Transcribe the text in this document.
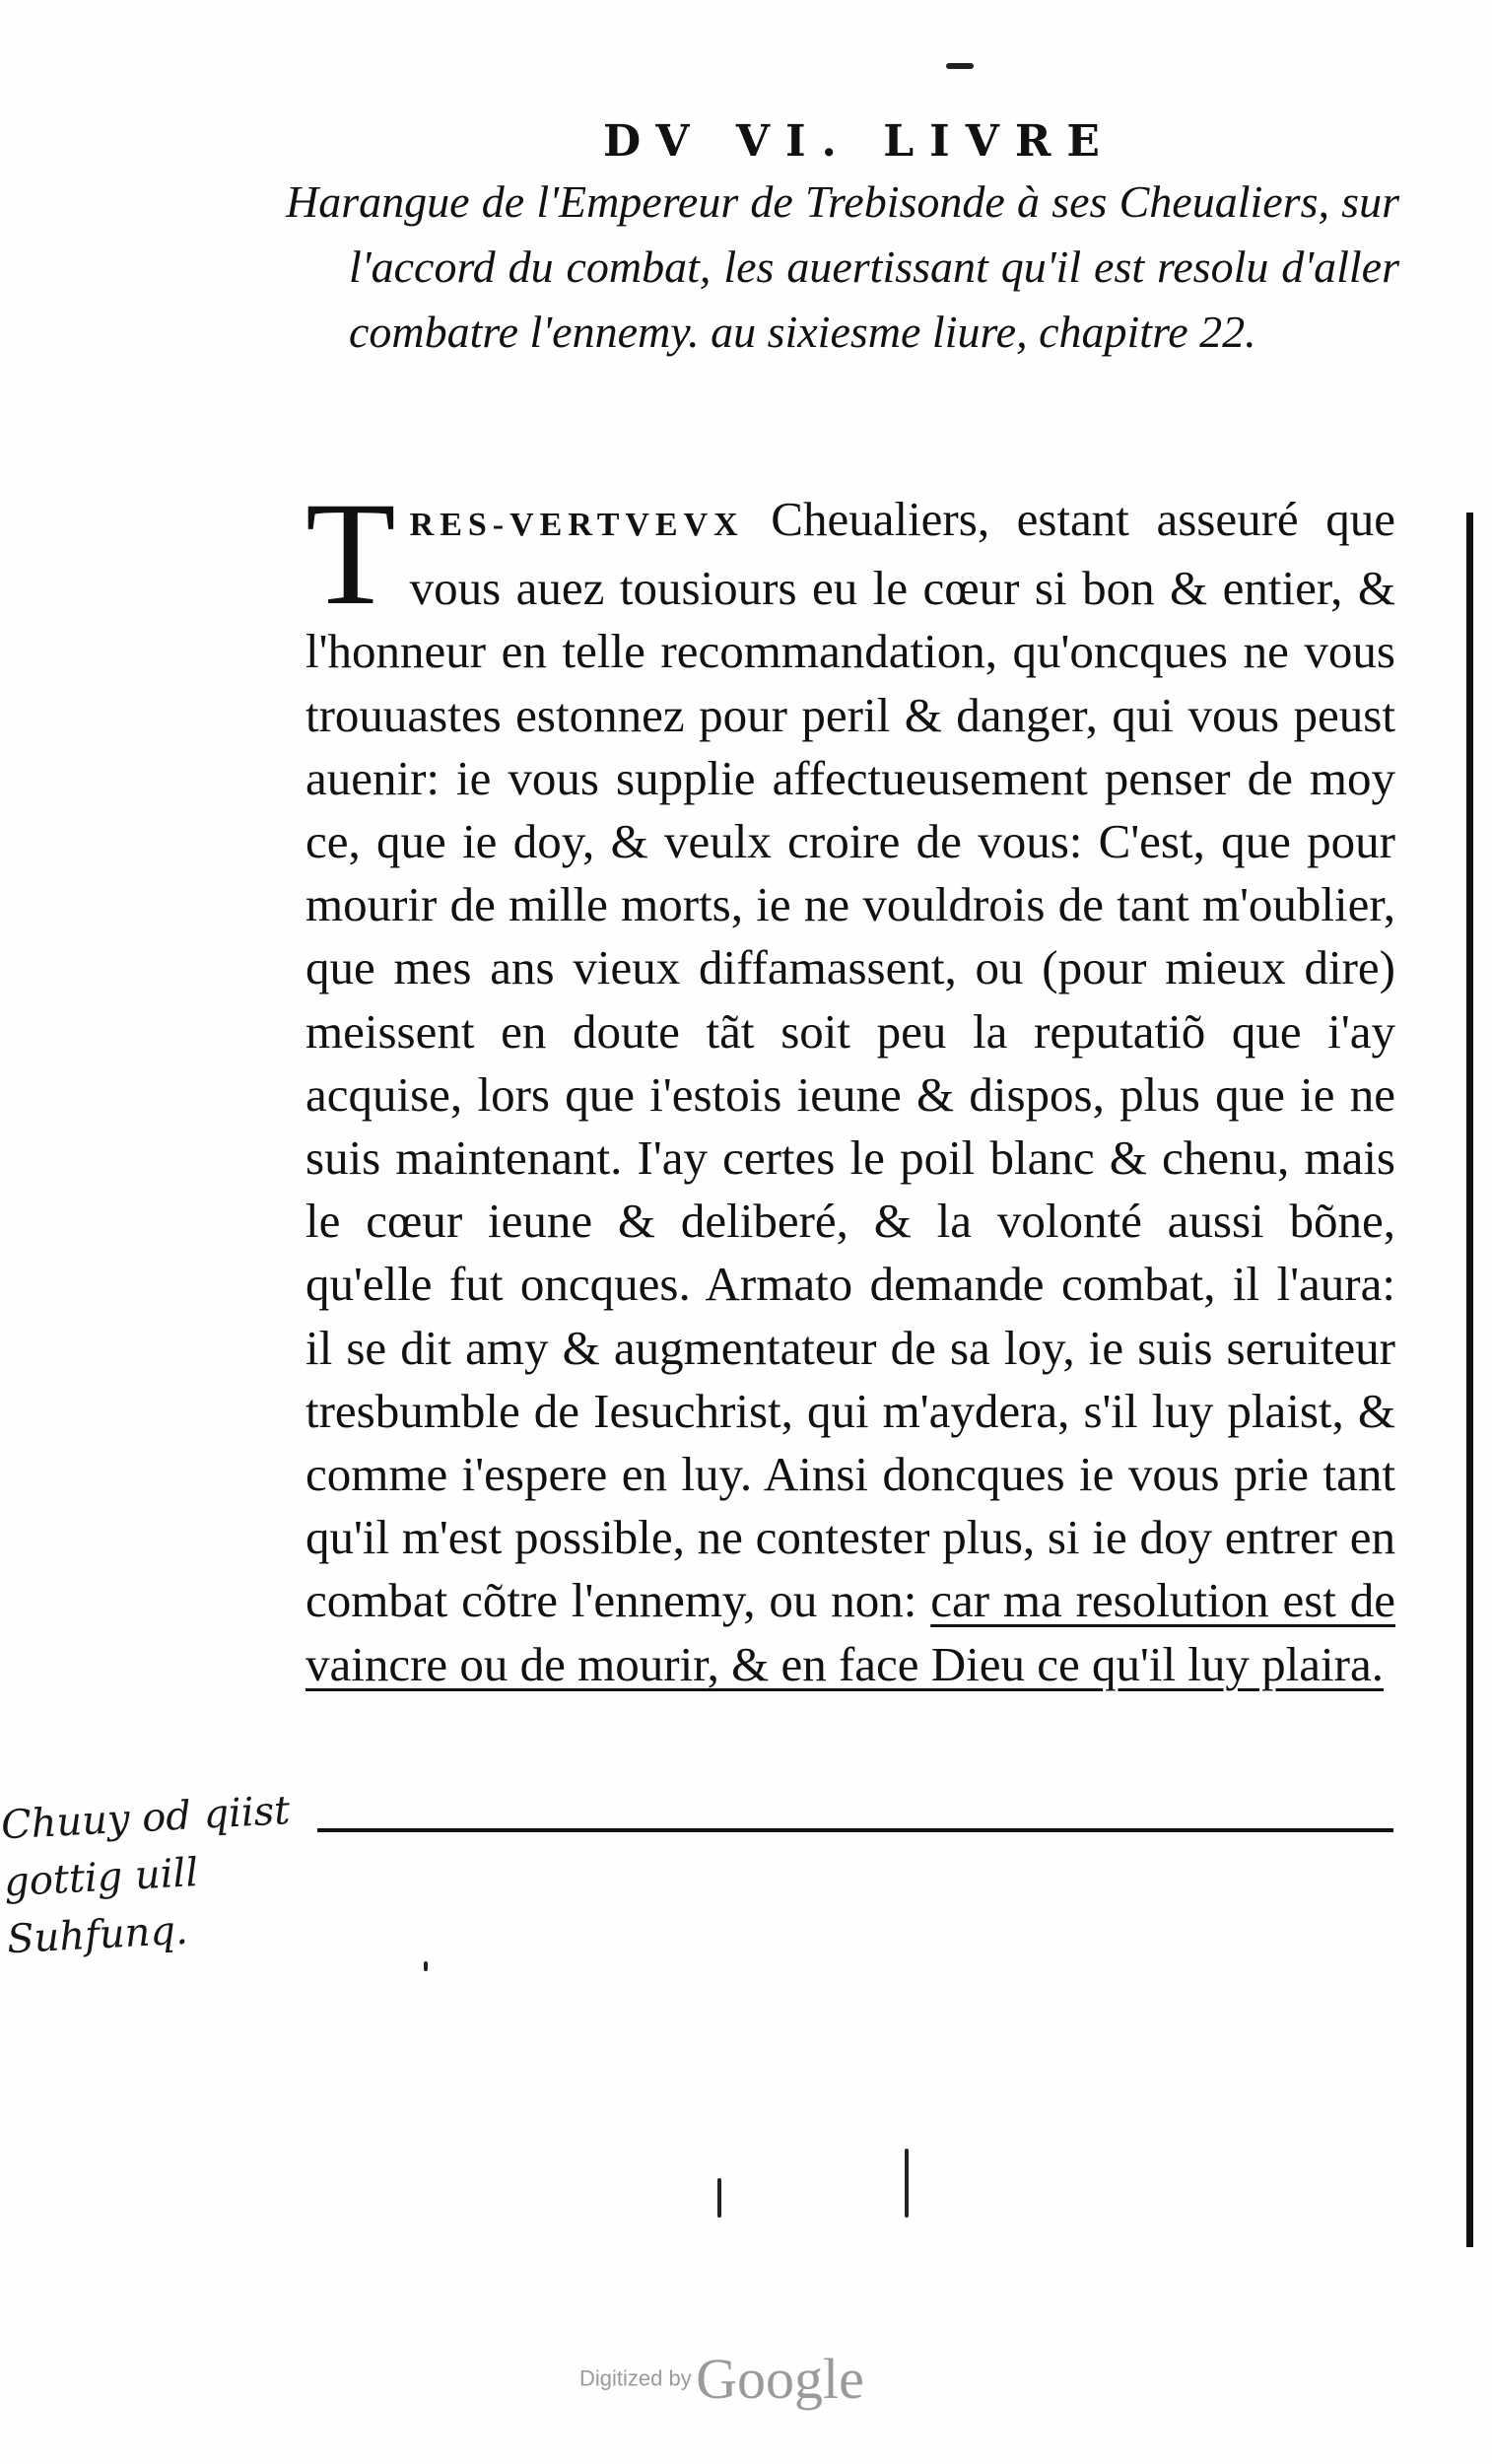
DV VI. LIVRE
Harangue de l'Empereur de Trebisonde à ses Cheualiers, sur l'accord du combat, les auertissant qu'il est resolu d'aller combatre l'ennemy. au sixiesme liure, chapitre 22.
TRES-VERTVEVX Cheualiers, estant asseuré que vous auez tousiours eu le cœur si bon & entier, & l'honneur en telle recommandation, qu'oncques ne vous trouuastes estonnez pour peril & danger, qui vous peust auenir: ie vous supplie affectueusement penser de moy ce, que ie doy, & veulx croire de vous: C'est, que pour mourir de mille morts, ie ne vouldrois de tant m'oublier, que mes ans vieux diffamassent, ou (pour mieux dire) meissent en doute tãt soit peu la reputatiõ que i'ay acquise, lors que i'estois ieune & dispos, plus que ie ne suis maintenant. I'ay certes le poil blanc & chenu, mais le cœur ieune & deliberé, & la volonté aussi bõne, qu'elle fut oncques. Armato demande combat, il l'aura: il se dit amy & augmentateur de sa loy, ie suis seruiteur tresbumble de Iesuchrist, qui m'aydera, s'il luy plaist, & comme i'espere en luy. Ainsi doncques ie vous prie tant qu'il m'est possible, ne contester plus, si ie doy entrer en combat cõtre l'ennemy, ou non: car ma resolution est de vaincre ou de mourir, & en face Dieu ce qu'il luy plaira.
Chuuy od qiist gottig uill Suhfunq.
Digitized by Google
